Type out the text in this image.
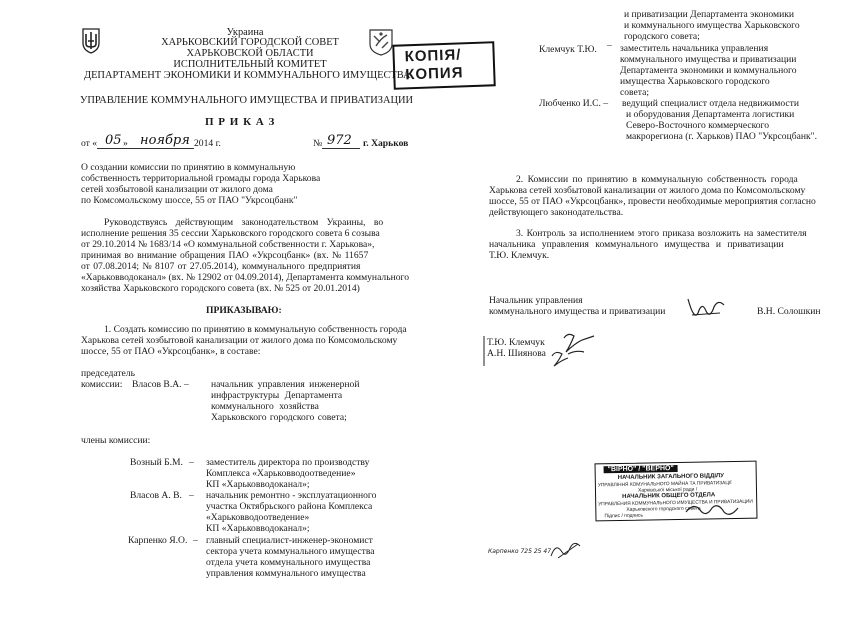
Украина
ХАРЬКОВСКИЙ ГОРОДСКОЙ СОВЕТ
ХАРЬКОВСКОЙ ОБЛАСТИ
ИСПОЛНИТЕЛЬНЫЙ КОМИТЕТ
ДЕПАРТАМЕНТ ЭКОНОМИКИ И КОММУНАЛЬНОГО ИМУЩЕСТВА
УПРАВЛЕНИЕ КОММУНАЛЬНОГО ИМУЩЕСТВА И ПРИВАТИЗАЦИИ
П Р И К А З
от « 05 » ноября 2014 г.	№ 972 г. Харьков
О создании комиссии по принятию в коммунальную
собственность территориальной громады города Харькова
сетей хозбытовой канализации от жилого дома
по Комсомольскому шоссе, 55 от ПАО "Укрсоцбанк"
Руководствуясь действующим законодательством Украины, во
исполнение решения 35 сессии Харьковского городского совета 6 созыва
от 29.10.2014 № 1683/14 «О коммунальной собственности г. Харькова»,
принимая во внимание обращения ПАО «Укрсоцбанк» (вх. № 11657
от 07.08.2014; № 8107 от 27.05.2014), коммунального предприятия
«Харьковводоканал» (вх. № 12902 от 04.09.2014), Департамента коммунального
хозяйства Харьковского городского совета (вх. № 525 от 20.01.2014)
ПРИКАЗЫВАЮ:
1. Создать комиссию по принятию в коммунальную собственность города
Харькова сетей хозбытовой канализации от жилого дома по Комсомольскому
шоссе, 55 от ПАО «Укрсоцбанк», в составе:
председатель
комиссии: Власов В.А. – начальник управления инженерной
инфраструктуры Департамента
коммунального хозяйства
Харьковского городского совета;
члены комиссии:
Возный Б.М. – заместитель директора по производству
Комплекса «Харьковводоотведение»
КП «Харьковводоканал»;
Власов А. В. – начальник ремонтно - эксплуатационного
участка Октябрьского района Комплекса
«Харьковводоотведение»
КП «Харьковводоканал»;
Карпенко Я.О. – главный специалист-инженер-экономист
сектора учета коммунального имущества
отдела учета коммунального имущества
управления коммунального имущества
КОПІЯ/
КОПИЯ
и приватизации Департамента экономики
и коммунального имущества Харьковского
городского совета;
Клемчук Т.Ю. – заместитель начальника управления
коммунального имущества и приватизации
Департамента экономики и коммунального
имущества Харьковского городского
совета;
Любченко И.С. – ведущий специалист отдела недвижимости
и оборудования Департамента логистики
Северо-Восточного коммерческого
макрорегиона (г. Харьков) ПАО "Укрсоцбанк".
2. Комиссии по принятию в коммунальную собственность города
Харькова сетей хозбытовой канализации от жилого дома по Комсомольскому
шоссе, 55 от ПАО «Укрсоцбанк», провести необходимые мероприятия согласно
действующего законодательства.
3. Контроль за исполнением этого приказа возложить на заместителя
начальника управления коммунального имущества и приватизации
Т.Ю. Клемчук.
Начальник управления
коммунального имущества и приватизации	В.Н. Солошкин
Т.Ю. Клемчук
А.Н. Шиянова
"ВІРНО" / "ВЕРНО"
НАЧАЛЬНИК ЗАГАЛЬНОГО ВІДДІЛУ
УПРАВЛІННЯ КОМУНАЛЬНОГО МАЙНА ТА ПРИВАТИЗАЦІЇ
Харківської міської ради /
НАЧАЛЬНИК ОБЩЕГО ОТДЕЛА
УПРАВЛЕНИЯ КОММУНАЛЬНОГО ИМУЩЕСТВА И ПРИВАТИЗАЦИИ
Харьковского городского совета
Підпис / подпись
Карпенко 725 25 47
